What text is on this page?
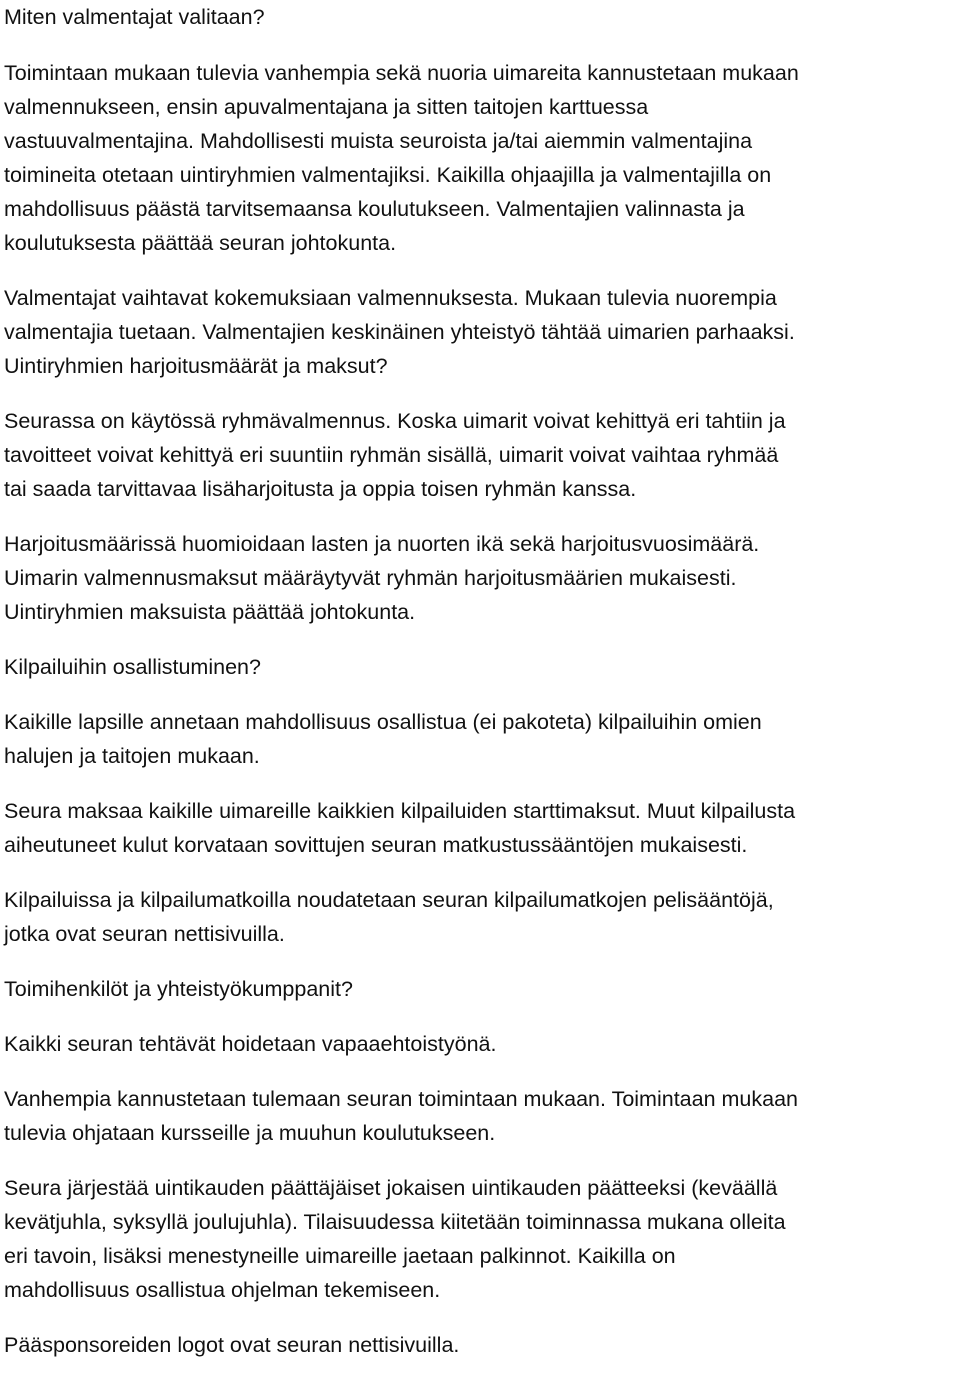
Miten valmentajat valitaan?

Toimintaan mukaan tulevia vanhempia sekä nuoria uimareita kannustetaan mukaan
valmennukseen, ensin apuvalmentajana ja sitten taitojen karttuessa
vastuuvalmentajina. Mahdollisesti muista seuroista ja/tai aiemmin valmentajina
toimineita otetaan uintiryhmien valmentajiksi. Kaikilla ohjaajilla ja valmentajilla on
mahdollisuus päästä tarvitsemaansa koulutukseen. Valmentajien valinnasta ja
koulutuksesta päättää seuran johtokunta.

Valmentajat vaihtavat kokemuksiaan valmennuksesta. Mukaan tulevia nuorempia
valmentajia tuetaan. Valmentajien keskinäinen yhteistyö tähtää uimarien parhaaksi.

Uintiryhmien harjoitusmäärät ja maksut?

Seurassa on käytössä ryhmävalmennus. Koska uimarit voivat kehittyä eri tahtiin ja
tavoitteet voivat kehittyä eri suuntiin ryhmän sisällä, uimarit voivat vaihtaa ryhmää
tai saada tarvittavaa lisäharjoitusta ja oppia toisen ryhmän kanssa.

Harjoitusmäärissä huomioidaan lasten ja nuorten ikä sekä harjoitusvuosimäärä.
Uimarin valmennusmaksut määräytyvät ryhmän harjoitusmäärien mukaisesti.
Uintiryhmien maksuista päättää johtokunta.

Kilpailuihin osallistuminen?

Kaikille lapsille annetaan mahdollisuus osallistua (ei pakoteta) kilpailuihin omien
halujen ja taitojen mukaan.

Seura maksaa kaikille uimareille kaikkien kilpailuiden starttimaksut. Muut kilpailusta
aiheutuneet kulut korvataan sovittujen seuran matkustussääntöjen mukaisesti.

Kilpailuissa ja kilpailumatkoilla noudatetaan seuran kilpailumatkojen pelisääntöjä,
jotka ovat seuran nettisivuilla.

Toimihenkilöt ja yhteistyökumppanit?

Kaikki seuran tehtävät hoidetaan vapaaehtoistyönä.

Vanhempia kannustetaan tulemaan seuran toimintaan mukaan. Toimintaan mukaan
tulevia ohjataan kursseille ja muuhun koulutukseen.

Seura järjestää uintikauden päättäjäiset jokaisen uintikauden päätteeksi (keväällä
kevätjuhla, syksyllä joulujuhla). Tilaisuudessa kiitetään toiminnassa mukana olleita
eri tavoin, lisäksi menestyneille uimareille jaetaan palkinnot. Kaikilla on
mahdollisuus osallistua ohjelman tekemiseen.

Pääsponsoreiden logot ovat seuran nettisivuilla.
